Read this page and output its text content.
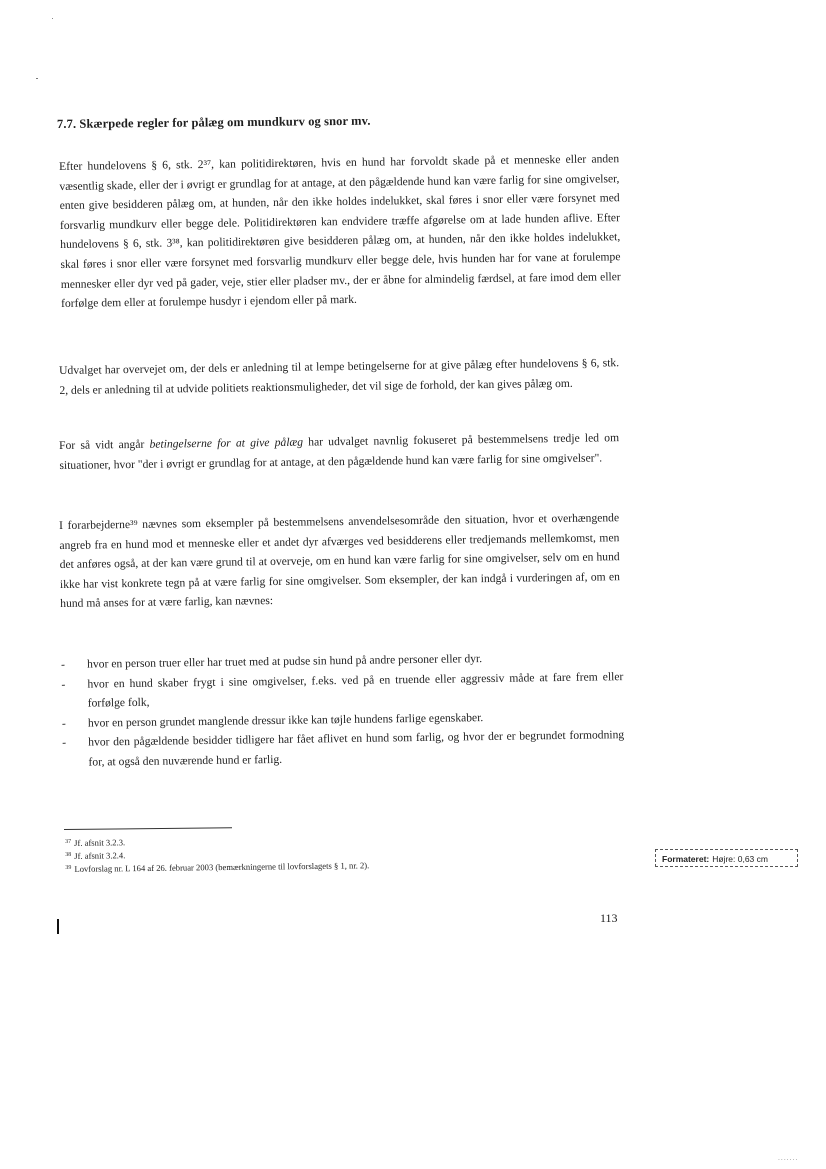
7.7. Skærpede regler for pålæg om mundkurv og snor mv.

Efter hundelovens § 6, stk. 2³⁷, kan politidirektøren, hvis en hund har forvoldt skade på et menneske eller anden væsentlig skade, eller der i øvrigt er grundlag for at antage, at den pågældende hund kan være farlig for sine omgivelser, enten give besidderen pålæg om, at hunden, når den ikke holdes indelukket, skal føres i snor eller være forsynet med forsvarlig mundkurv eller begge dele. Politidirektøren kan endvidere træffe afgørelse om at lade hunden aflive. Efter hundelovens § 6, stk. 3³⁸, kan politidirektøren give besidderen pålæg om, at hunden, når den ikke holdes indelukket, skal føres i snor eller være forsynet med forsvarlig mundkurv eller begge dele, hvis hunden har for vane at forulempe mennesker eller dyr ved på gader, veje, stier eller pladser mv., der er åbne for almindelig færdsel, at fare imod dem eller forfølge dem eller at forulempe husdyr i ejendom eller på mark.

Udvalget har overvejet om, der dels er anledning til at lempe betingelserne for at give pålæg efter hundelovens § 6, stk. 2, dels er anledning til at udvide politiets reaktionsmuligheder, det vil sige de forhold, der kan gives pålæg om.

For så vidt angår betingelserne for at give pålæg har udvalget navnlig fokuseret på bestemmelsens tredje led om situationer, hvor "der i øvrigt er grundlag for at antage, at den pågældende hund kan være farlig for sine omgivelser".

I forarbejderne³⁹ nævnes som eksempler på bestemmelsens anvendelsesområde den situation, hvor et overhængende angreb fra en hund mod et menneske eller et andet dyr afværges ved besidderens eller tredjemands mellemkomst, men det anføres også, at der kan være grund til at overveje, om en hund kan være farlig for sine omgivelser, selv om en hund ikke har vist konkrete tegn på at være farlig for sine omgivelser. Som eksempler, der kan indgå i vurderingen af, om en hund må anses for at være farlig, kan nævnes:

- hvor en person truer eller har truet med at pudse sin hund på andre personer eller dyr.
- hvor en hund skaber frygt i sine omgivelser, f.eks. ved på en truende eller aggressiv måde at fare frem eller forfølge folk,
- hvor en person grundet manglende dressur ikke kan tøjle hundens farlige egenskaber.
- hvor den pågældende besidder tidligere har fået aflivet en hund som farlig, og hvor der er begrundet formodning for, at også den nuværende hund er farlig.
$^{37}$ Jf. afsnit 3.2.3.
$^{38}$ Jf. afsnit 3.2.4.
$^{39}$ Lovforslag nr. L 164 af 26. februar 2003 (bemærkningerne til lovforslagets § 1, nr. 2).
Formateret: Højre: 0,63 cm
113
.......
